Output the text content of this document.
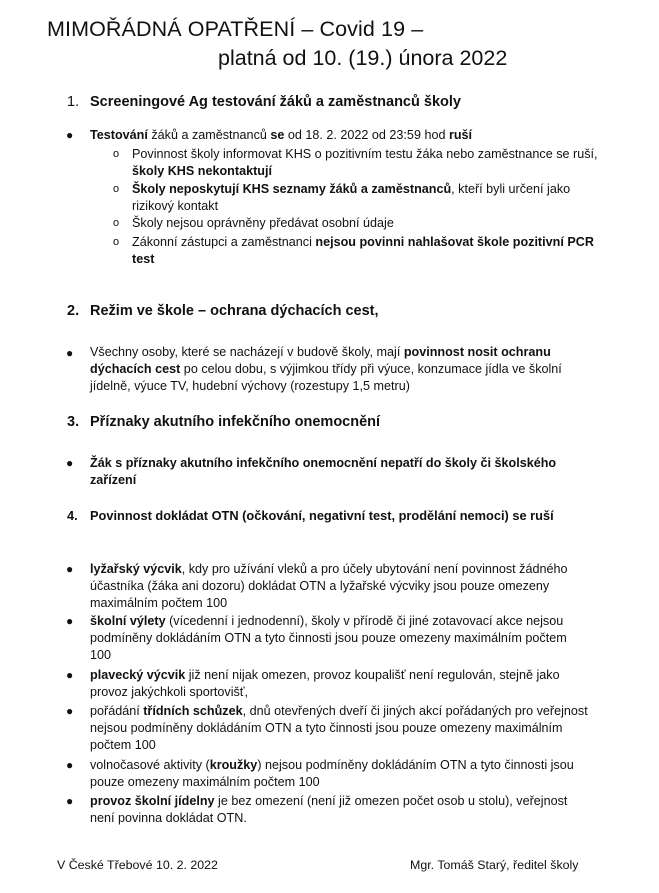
MIMOŘÁDNÁ OPATŘENÍ – Covid 19 –
platná od 10. (19.) února 2022
1. Screeningové Ag testování žáků a zaměstnanců školy
● Testování žáků a zaměstnanců se od 18. 2. 2022 od 23:59 hod ruší
o Povinnost školy informovat KHS o pozitivním testu žáka nebo zaměstnance se ruší, školy KHS nekontaktují
o Školy neposkytují KHS seznamy žáků a zaměstnanců, kteří byli určení jako rizikový kontakt
o Školy nejsou oprávněny předávat osobní údaje
o Zákonní zástupci a zaměstnanci nejsou povinni nahlašovat škole pozitivní PCR test
2. Režim ve škole – ochrana dýchacích cest,
● Všechny osoby, které se nacházejí v budově školy, mají povinnost nosit ochranu dýchacích cest po celou dobu, s výjimkou třídy při výuce, konzumace jídla ve školní jídelně, výuce TV, hudební výchovy (rozestupy 1,5 metru)
3. Příznaky akutního infekčního onemocnění
● Žák s příznaky akutního infekčního onemocnění nepatří do školy či školského zařízení
4. Povinnost dokládat OTN (očkování, negativní test, prodělání nemoci) se ruší
● lyžařský výcvik, kdy pro užívání vleků a pro účely ubytování není povinnost žádného účastníka (žáka ani dozoru) dokládat OTN a lyžařské výcviky jsou pouze omezeny maximálním počtem 100
● školní výlety (vícedenní i jednodenní), školy v přírodě či jiné zotavovací akce nejsou podmíněny dokládáním OTN a tyto činnosti jsou pouze omezeny maximálním počtem 100
● plavecký výcvik již není nijak omezen, provoz koupališť není regulován, stejně jako provoz jakýchkoli sportovišť,
● pořádání třídních schůzek, dnů otevřených dveří či jiných akcí pořádaných pro veřejnost nejsou podmíněny dokládáním OTN a tyto činnosti jsou pouze omezeny maximálním počtem 100
● volnočasové aktivity (kroužky) nejsou podmíněny dokládáním OTN a tyto činnosti jsou pouze omezeny maximálním počtem 100
● provoz školní jídelny je bez omezení (není již omezen počet osob u stolu), veřejnost není povinna dokládat OTN.
V České Třebové 10. 2. 2022	Mgr. Tomáš Starý, ředitel školy
